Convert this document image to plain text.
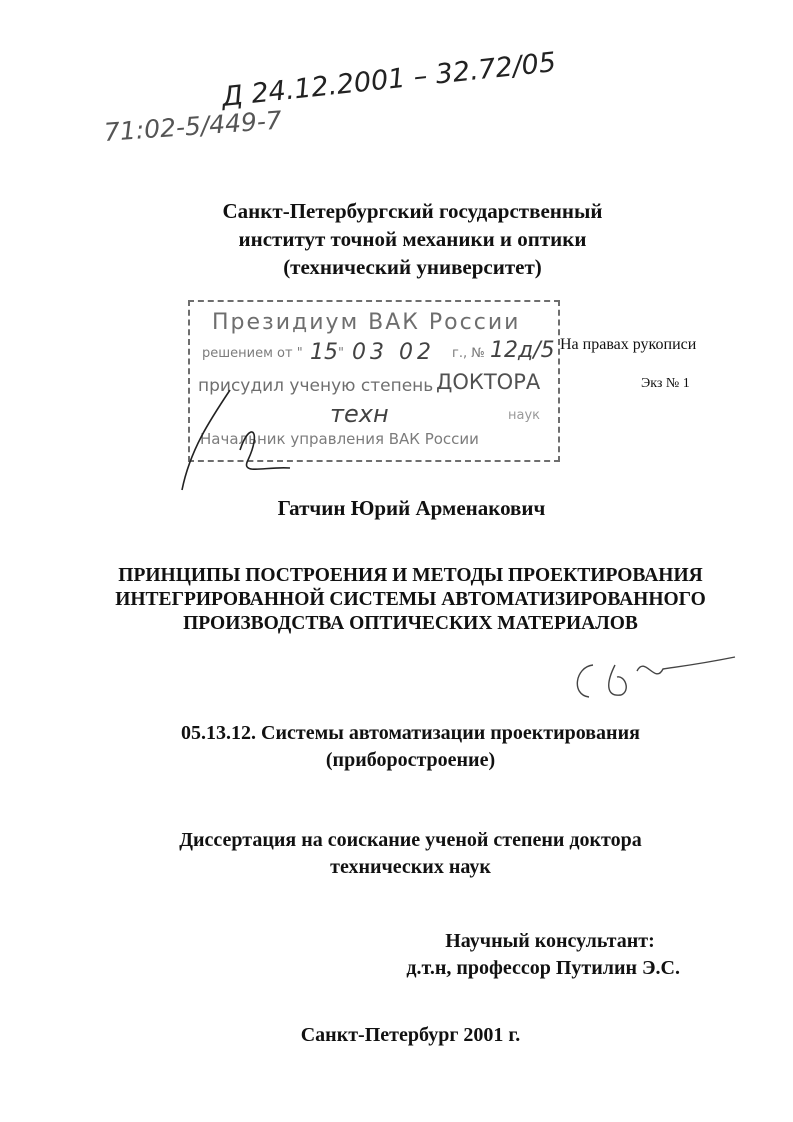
Д 24.12.2001 – 32.72/05
71:02-5/449-7
Санкт-Петербургский государственный
институт точной механики и оптики
(технический университет)
Президиум ВАК России
решением от " 15 " 03 02 г., № 12д/5
присудил ученую степень ДОКТОРА
техн	наук
Начальник управления ВАК России
На правах рукописи
Экз № 1
Гатчин Юрий Арменакович
ПРИНЦИПЫ ПОСТРОЕНИЯ И МЕТОДЫ ПРОЕКТИРОВАНИЯ
ИНТЕГРИРОВАННОЙ СИСТЕМЫ АВТОМАТИЗИРОВАННОГО
ПРОИЗВОДСТВА ОПТИЧЕСКИХ МАТЕРИАЛОВ
05.13.12. Системы автоматизации проектирования
(приборостроение)
Диссертация на соискание ученой степени доктора
технических наук
Научный консультант:
д.т.н, профессор Путилин Э.С.
Санкт-Петербург 2001 г.
